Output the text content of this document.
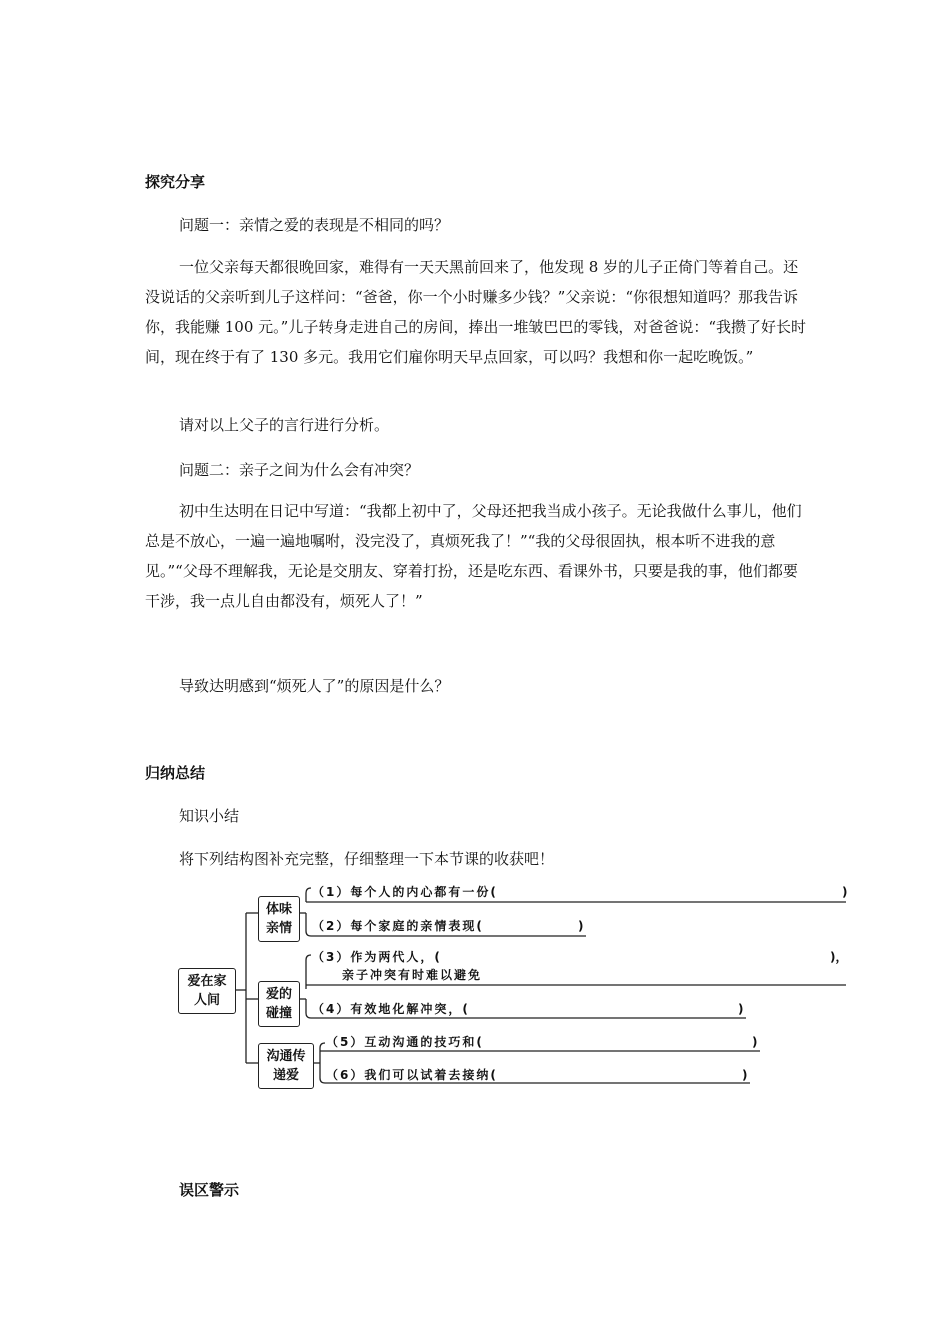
探究分享
问题一：亲情之爱的表现是不相同的吗？

一位父亲每天都很晚回家，难得有一天天黑前回来了，他发现 8 岁的儿子正倚门等着自己。还没说话的父亲听到儿子这样问：“爸爸，你一个小时赚多少钱？”父亲说：“你很想知道吗？那我告诉你，我能赚 100 元。”儿子转身走进自己的房间，捧出一堆皱巴巴的零钱，对爸爸说：“我攒了好长时间，现在终于有了 130 多元。我用它们雇你明天早点回家，可以吗？我想和你一起吃晚饭。”

请对以上父子的言行进行分析。
问题二：亲子之间为什么会有冲突？

初中生达明在日记中写道：“我都上初中了，父母还把我当成小孩子。无论我做什么事儿，他们总是不放心，一遍一遍地嘱咐，没完没了，真烦死我了！”“我的父母很固执，根本听不进我的意见。”“父母不理解我，无论是交朋友、穿着打扮，还是吃东西、看课外书，只要是我的事，他们都要干涉，我一点儿自由都没有，烦死人了！”

导致达明感到“烦死人了”的原因是什么？
归纳总结
知识小结
将下列结构图补充完整，仔细整理一下本节课的收获吧！
爱在家
人间
体味
亲情
爱的
碰撞
沟通传
递爱
（1）每个人的内心都有一份(	)
（2）每个家庭的亲情表现(	)
（3）作为两代人，(	)，
亲子冲突有时难以避免
（4）有效地化解冲突，(	)
（5）互动沟通的技巧和(	)
（6）我们可以试着去接纳(	)
误区警示
